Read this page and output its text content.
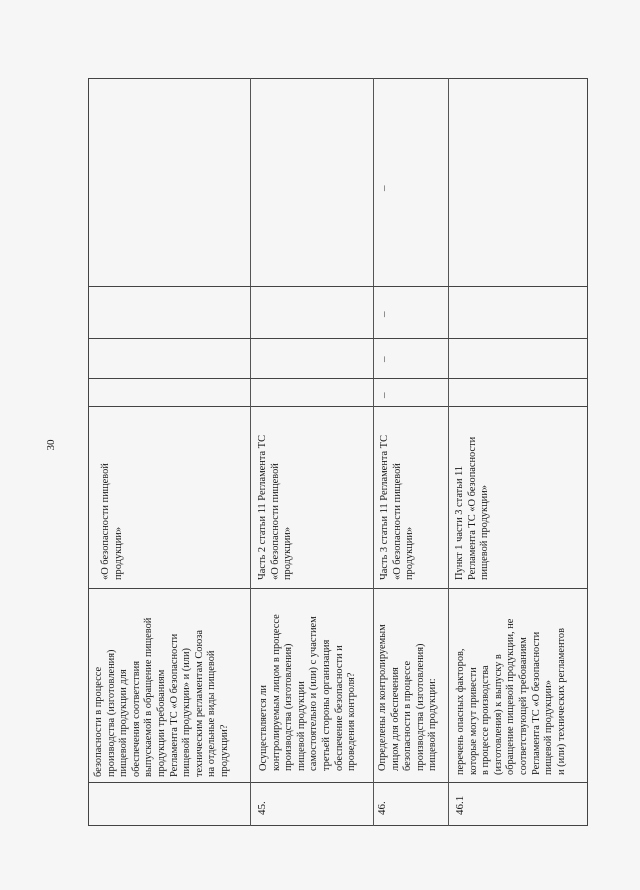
30
безопасности в процессе
производства (изготовления)
пищевой продукции для
обеспечения соответствия
выпускаемой в обращение пищевой
продукции требованиям
Регламента ТС «О безопасности
пищевой продукции» и (или)
техническим регламентам Союза
на отдельные виды пищевой
продукции?
«О безопасности пищевой
продукции»
45.
Осуществляется ли
контролируемым лицом в процессе
производства (изготовления)
пищевой продукции
самостоятельно и (или) с участием
третьей стороны организация
обеспечение безопасности и
проведения контроля?
Часть 2 статьи 11 Регламента ТС
«О безопасности пищевой
продукции»
46.
Определены ли контролируемым
лицом для обеспечения
безопасности в процессе
производства (изготовления)
пищевой продукции:
Часть 3 статьи 11 Регламента ТС
«О безопасности пищевой
продукции»
–
–
–
–
46.1
перечень опасных факторов,
которые могут привести
в процессе производства
(изготовления) к выпуску в
обращение пищевой продукции, не
соответствующей требованиям
Регламента ТС «О безопасности
пищевой продукции»
и (или) технических регламентов
Пункт 1 части 3 статьи 11
Регламента ТС «О безопасности
пищевой продукции»
